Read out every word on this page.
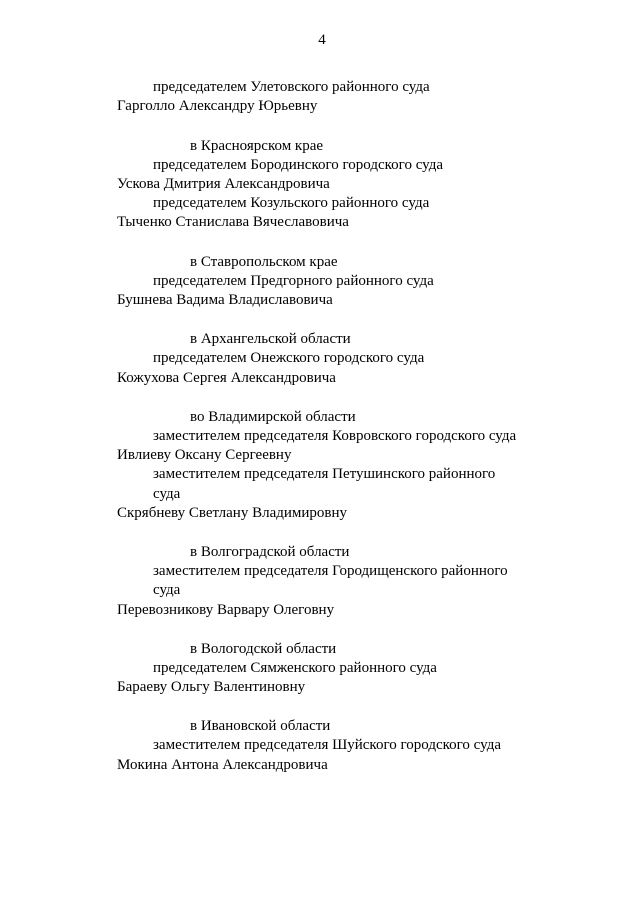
4
председателем Улетовского районного суда
Гарголло Александру Юрьевну
в Красноярском крае
председателем Бородинского городского суда
Ускова Дмитрия Александровича
председателем Козульского районного суда
Тыченко Станислава Вячеславовича
в Ставропольском крае
председателем Предгорного районного суда
Бушнева Вадима Владиславовича
в Архангельской области
председателем Онежского городского суда
Кожухова Сергея Александровича
во Владимирской области
заместителем председателя Ковровского городского суда
Ивлиеву Оксану Сергеевну
заместителем председателя Петушинского районного
суда
Скрябневу Светлану Владимировну
в Волгоградской области
заместителем председателя Городищенского районного
суда
Перевозникову Варвару Олеговну
в Вологодской области
председателем Сямженского районного суда
Бараеву Ольгу Валентиновну
в Ивановской области
заместителем председателя Шуйского городского суда
Мокина Антона Александровича
